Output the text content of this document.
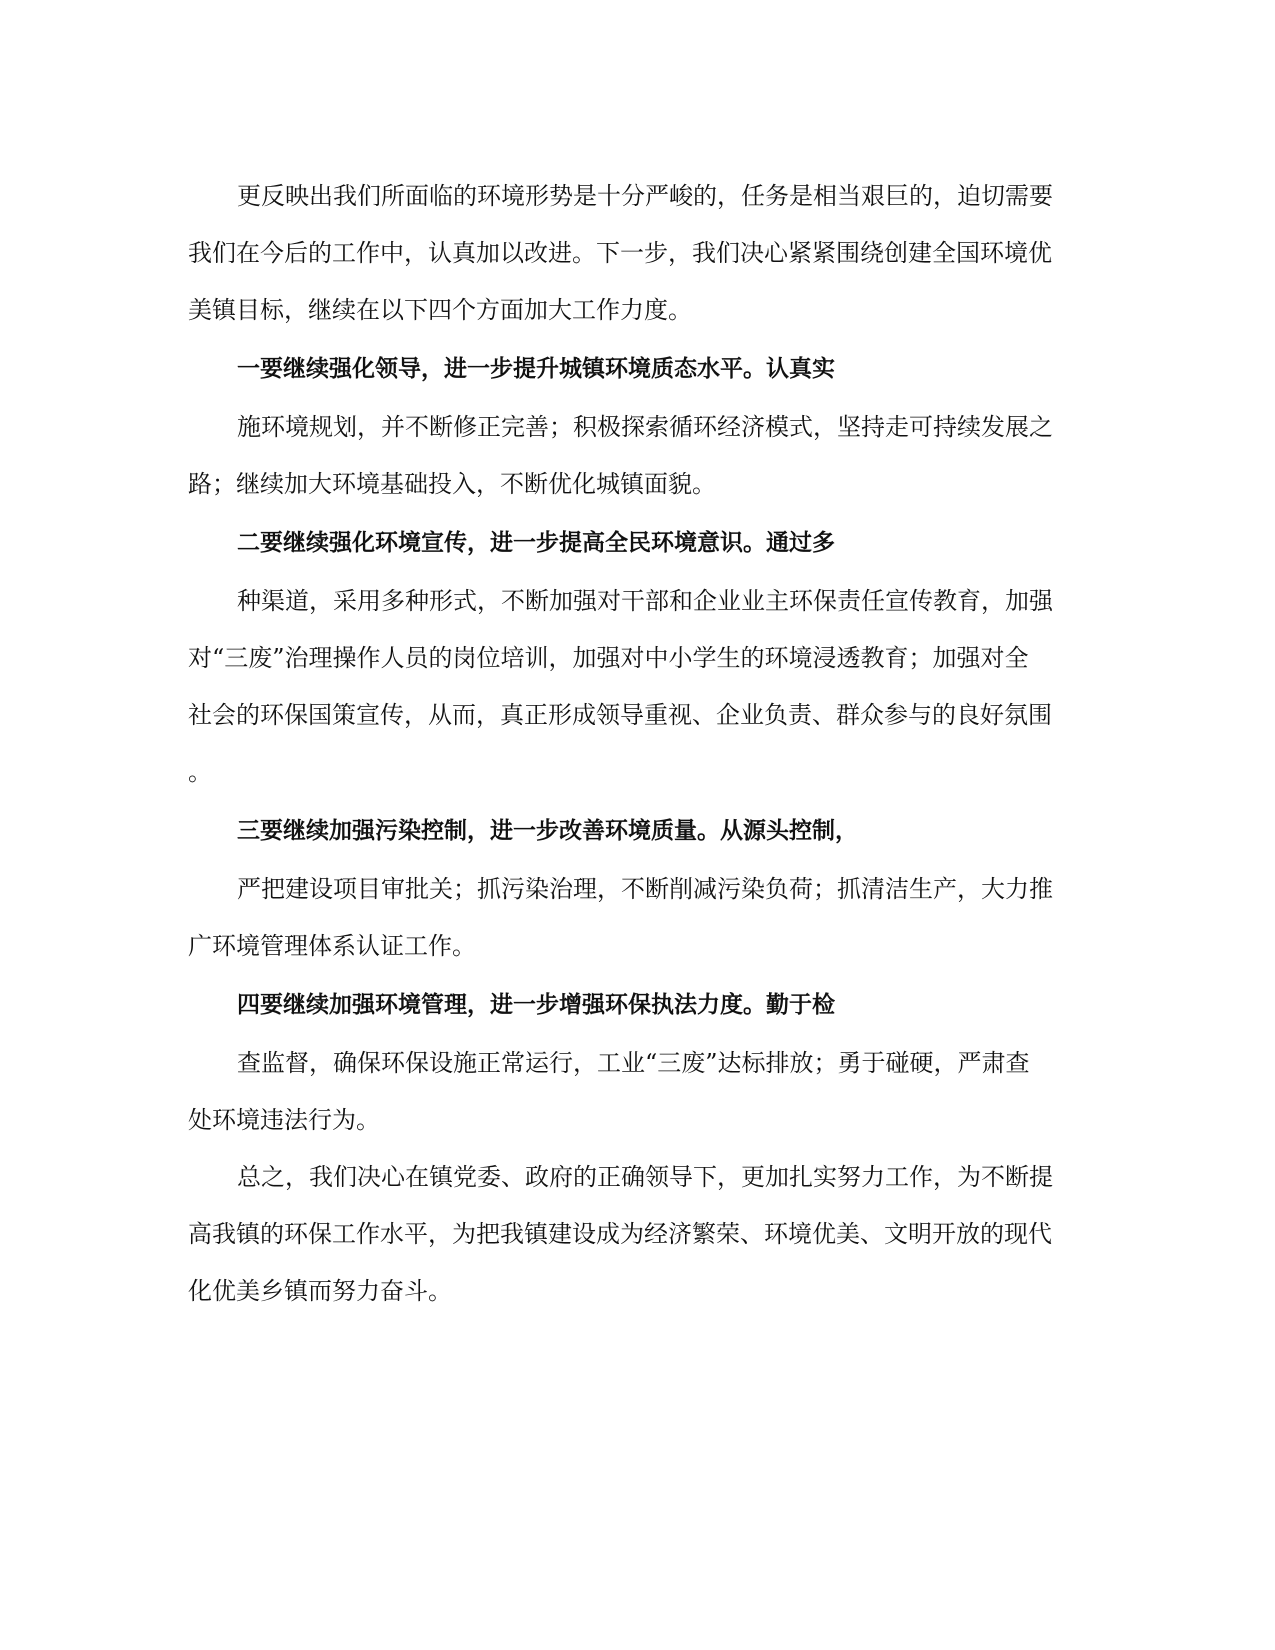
更反映出我们所面临的环境形势是十分严峻的，任务是相当艰巨的，迫切需要
我们在今后的工作中，认真加以改进。下一步，我们决心紧紧围绕创建全国环境优
美镇目标，继续在以下四个方面加大工作力度。
一要继续强化领导，进一步提升城镇环境质态水平。认真实
施环境规划，并不断修正完善；积极探索循环经济模式，坚持走可持续发展之
路；继续加大环境基础投入，不断优化城镇面貌。
二要继续强化环境宣传，进一步提高全民环境意识。通过多
种渠道，采用多种形式，不断加强对干部和企业业主环保责任宣传教育，加强
对“三废”治理操作人员的岗位培训，加强对中小学生的环境浸透教育；加强对全
社会的环保国策宣传，从而，真正形成领导重视、企业负责、群众参与的良好氛围
。
三要继续加强污染控制，进一步改善环境质量。从源头控制，
严把建设项目审批关；抓污染治理，不断削减污染负荷；抓清洁生产，大力推
广环境管理体系认证工作。
四要继续加强环境管理，进一步增强环保执法力度。勤于检
查监督，确保环保设施正常运行，工业“三废”达标排放；勇于碰硬，严肃查
处环境违法行为。
总之，我们决心在镇党委、政府的正确领导下，更加扎实努力工作，为不断提
高我镇的环保工作水平，为把我镇建设成为经济繁荣、环境优美、文明开放的现代
化优美乡镇而努力奋斗。
